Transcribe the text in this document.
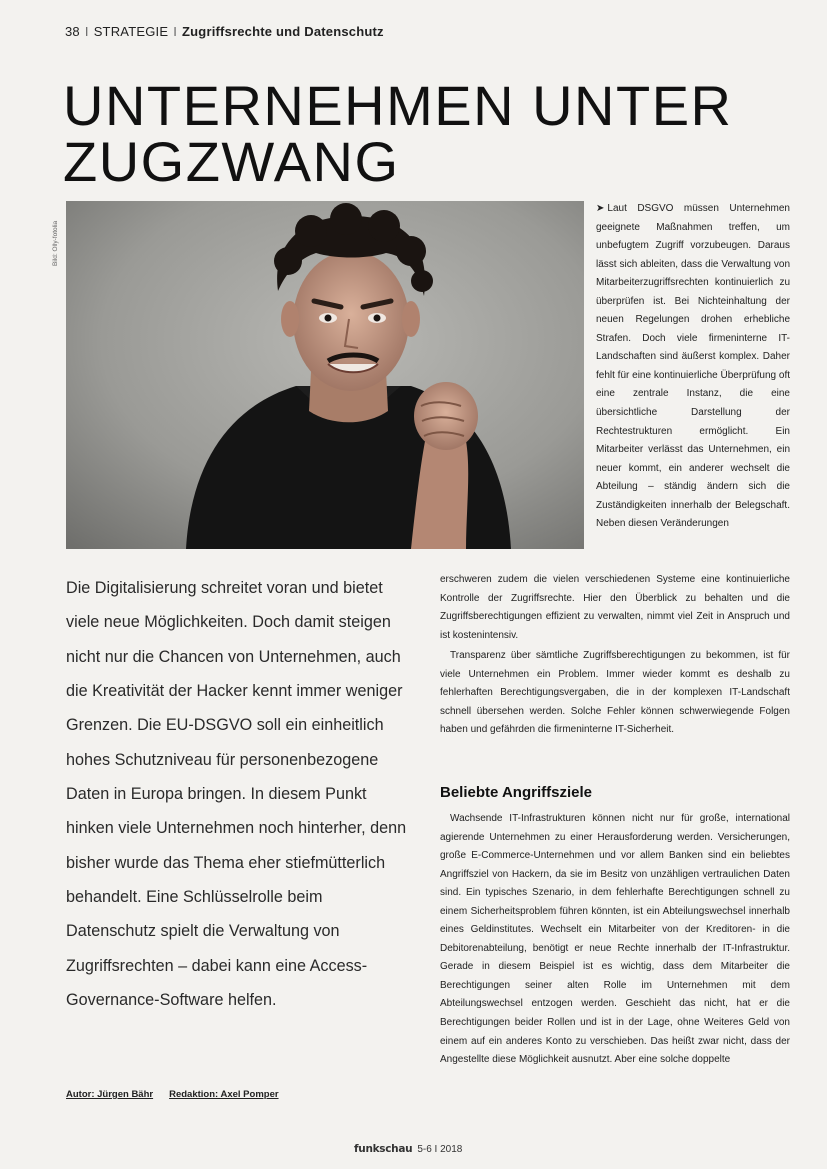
38 I STRATEGIE I Zugriffsrechte und Datenschutz
UNTERNEHMEN UNTER
ZUGZWANG
Bild: Olly-fotolia
➤ Laut DSGVO müssen Unternehmen geeignete Maßnahmen treffen, um unbefugtem Zugriff vorzubeugen. Daraus lässt sich ableiten, dass die Verwaltung von Mitarbeiterzugriffsrechten kontinuierlich zu überprüfen ist. Bei Nichteinhaltung der neuen Regelungen drohen erhebliche Strafen. Doch viele firmeninterne IT-Landschaften sind äußerst komplex. Daher fehlt für eine kontinuierliche Überprüfung oft eine zentrale Instanz, die eine übersichtliche Darstellung der Rechtestrukturen ermöglicht. Ein Mitarbeiter verlässt das Unternehmen, ein neuer kommt, ein anderer wechselt die Abteilung – ständig ändern sich die Zuständigkeiten innerhalb der Belegschaft. Neben diesen Veränderungen

erschweren zudem die vielen verschiedenen Systeme eine kontinuierliche Kontrolle der Zugriffsrechte. Hier den Überblick zu behalten und die Zugriffsberechtigungen effizient zu verwalten, nimmt viel Zeit in Anspruch und ist kostenintensiv.

Transparenz über sämtliche Zugriffsberechtigungen zu bekommen, ist für viele Unternehmen ein Problem. Immer wieder kommt es deshalb zu fehlerhaften Berechtigungsvergaben, die in der komplexen IT-Landschaft schnell übersehen werden. Solche Fehler können schwerwiegende Folgen haben und gefährden die firmeninterne IT-Sicherheit.

Beliebte Angriffsziele

Wachsende IT-Infrastrukturen können nicht nur für große, international agierende Unternehmen zu einer Herausforderung werden. Versicherungen, große E-Commerce-Unternehmen und vor allem Banken sind ein beliebtes Angriffsziel von Hackern, da sie im Besitz von unzähligen vertraulichen Daten sind. Ein typisches Szenario, in dem fehlerhafte Berechtigungen schnell zu einem Sicherheitsproblem führen könnten, ist ein Abteilungswechsel innerhalb eines Geldinstitutes. Wechselt ein Mitarbeiter von der Kreditoren- in die Debitorenabteilung, benötigt er neue Rechte innerhalb der IT-Infrastruktur. Gerade in diesem Beispiel ist es wichtig, dass dem Mitarbeiter die Berechtigungen seiner alten Rolle im Unternehmen mit dem Abteilungswechsel entzogen werden. Geschieht das nicht, hat er die Berechtigungen beider Rollen und ist in der Lage, ohne Weiteres Geld von einem auf ein anderes Konto zu verschieben. Das heißt zwar nicht, dass der Angestellte diese Möglichkeit ausnutzt. Aber eine solche doppelte

Die Digitalisierung schreitet voran und bietet viele neue Möglichkeiten. Doch damit steigen nicht nur die Chancen von Unternehmen, auch die Kreativität der Hacker kennt immer weniger Grenzen. Die EU-DSGVO soll ein einheitlich hohes Schutzniveau für personenbezogene Daten in Europa bringen. In diesem Punkt hinken viele Unternehmen noch hinterher, denn bisher wurde das Thema eher stiefmütterlich behandelt. Eine Schlüsselrolle beim Datenschutz spielt die Verwaltung von Zugriffsrechten – dabei kann eine Access-Governance-Software helfen.

Autor: Jürgen Bähr Redaktion: Axel Pomper
funkschau 5-6 I 2018
